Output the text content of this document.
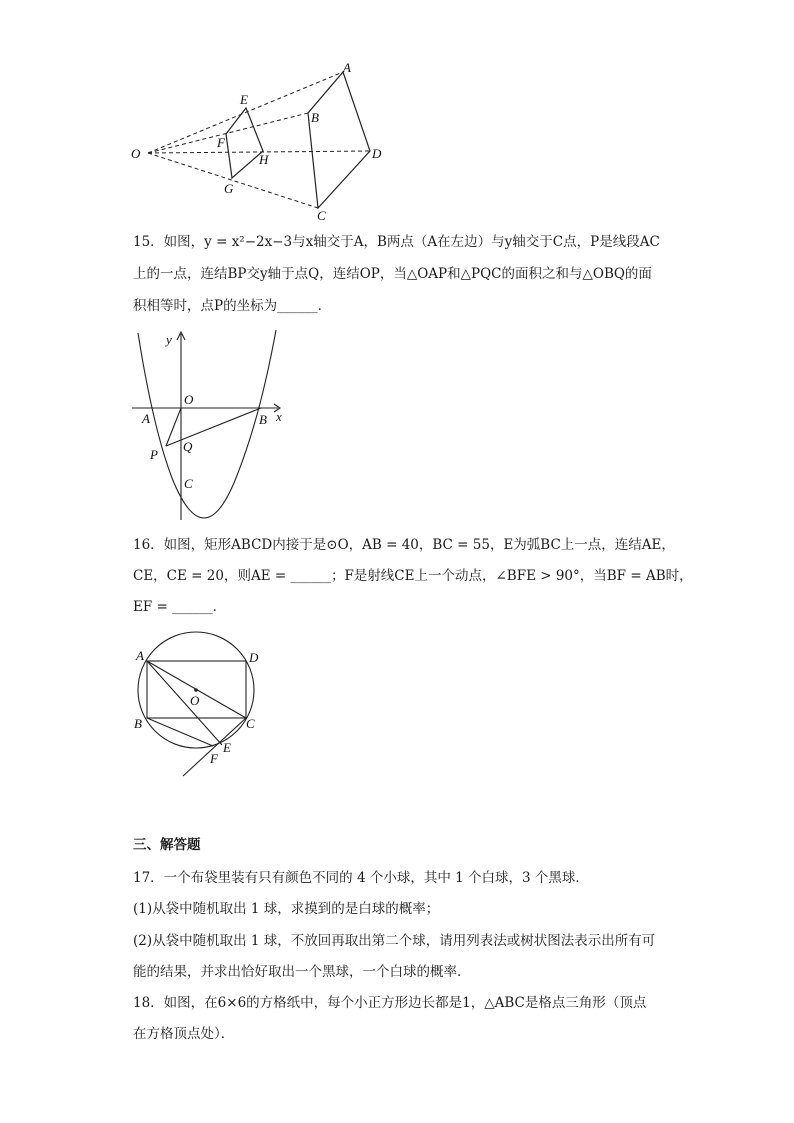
O
A
B
C
D
E
F
G
H
15．如图，y = x²−2x−3与x轴交于A，B两点（A在左边）与y轴交于C点，P是线段AC
上的一点，连结BP交y轴于点Q，连结OP，当△OAP和△PQC的面积之和与△OBQ的面
积相等时，点P的坐标为______．
y
x
O
A	B
P
Q
C
16．如图，矩形ABCD内接于是⊙O，AB = 40，BC = 55，E为弧BC上一点，连结AE，
CE，CE = 20，则AE = ______；F是射线CE上一个动点，∠BFE > 90°，当BF = AB时，
EF = ______．
A	D
B	C
O
E
F
三、解答题
17．一个布袋里装有只有颜色不同的 4 个小球，其中 1 个白球，3 个黑球．
(1)从袋中随机取出 1 球，求摸到的是白球的概率；
(2)从袋中随机取出 1 球，不放回再取出第二个球，请用列表法或树状图法表示出所有可
能的结果，并求出恰好取出一个黑球，一个白球的概率．
18．如图，在6×6的方格纸中，每个小正方形边长都是1，△ABC是格点三角形（顶点
在方格顶点处）．
